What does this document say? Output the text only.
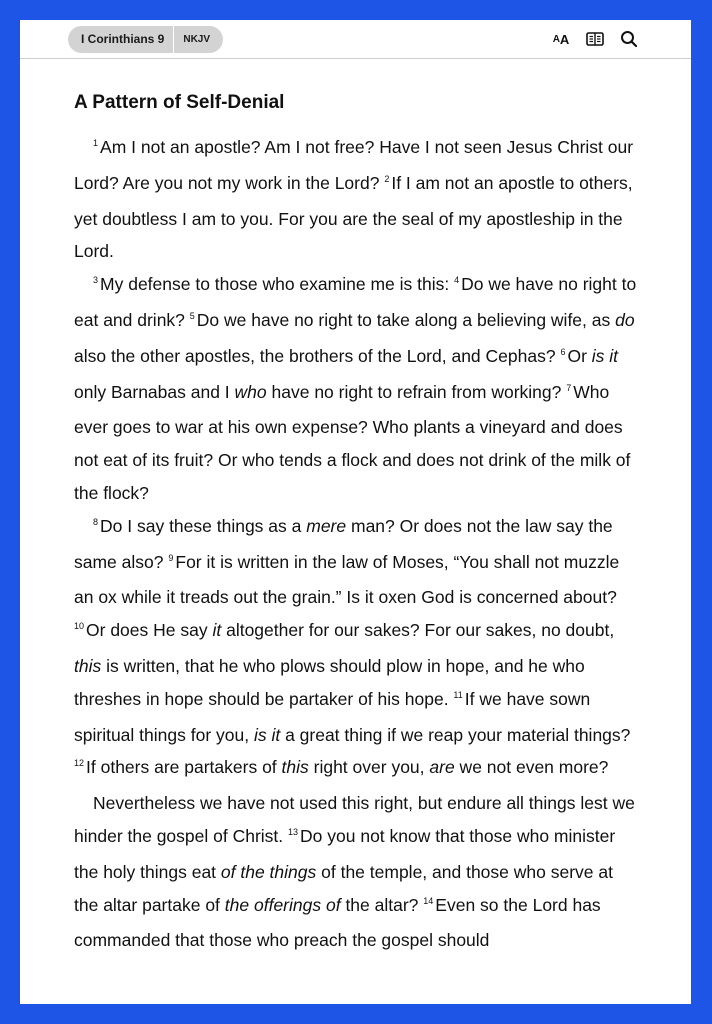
I Corinthians 9	NKJV	A A
A Pattern of Self-Denial

$^1$ Am I not an apostle? Am I not free? Have I not seen Jesus Christ our Lord? Are you not my work in the Lord? $^2$ If I am not an apostle to others, yet doubtless I am to you. For you are the seal of my apostleship in the Lord.

$^3$ My defense to those who examine me is this: $^4$ Do we have no right to eat and drink? $^5$ Do we have no right to take along a believing wife, as do also the other apostles, the brothers of the Lord, and Cephas? $^6$ Or is it only Barnabas and I who have no right to refrain from working? $^7$ Who ever goes to war at his own expense? Who plants a vineyard and does not eat of its fruit? Or who tends a flock and does not drink of the milk of the flock?

$^8$ Do I say these things as a mere man? Or does not the law say the same also? $^9$ For it is written in the law of Moses, “You shall not muzzle an ox while it treads out the grain.” Is it oxen God is concerned about? $^{10}$ Or does He say it altogether for our sakes? For our sakes, no doubt, this is written, that he who plows should plow in hope, and he who threshes in hope should be partaker of his hope. $^{11}$ If we have sown spiritual things for you, is it a great thing if we reap your material things? $^{12}$ If others are partakers of this right over you, are we not even more?

Nevertheless we have not used this right, but endure all things lest we hinder the gospel of Christ. $^{13}$ Do you not know that those who minister the holy things eat of the things of the temple, and those who serve at the altar partake of the offerings of the altar? $^{14}$ Even so the Lord has commanded that those who preach the gospel should
